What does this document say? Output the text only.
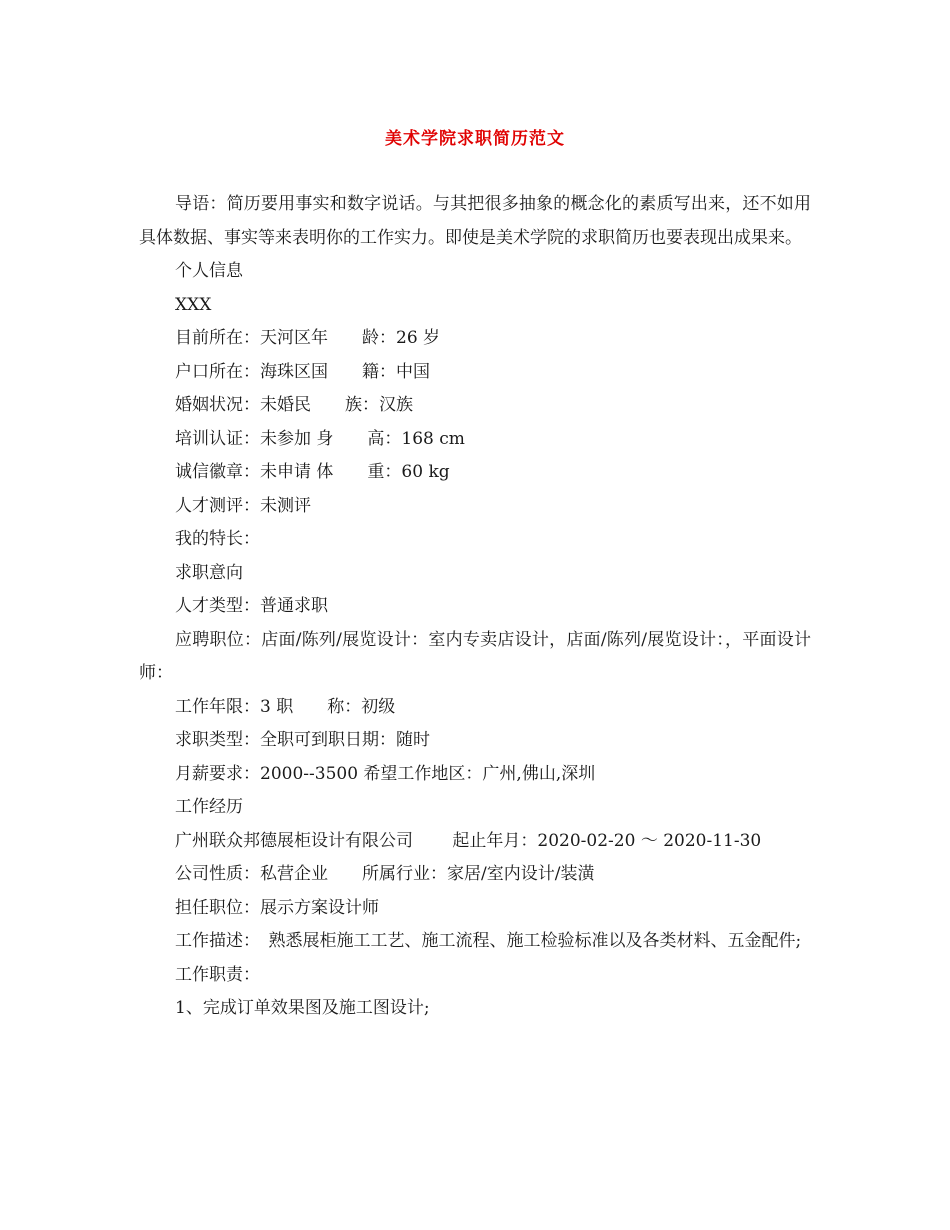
美术学院求职简历范文

导语：简历要用事实和数字说话。与其把很多抽象的概念化的素质写出来，还不如用具体数据、事实等来表明你的工作实力。即使是美术学院的求职简历也要表现出成果来。

个人信息

XXX

目前所在：天河区年　　龄：26 岁

户口所在：海珠区国　　籍：中国

婚姻状况：未婚民　　族：汉族

培训认证：未参加 身　　高：168 cm

诚信徽章：未申请 体　　重：60 kg

人才测评：未测评

我的特长：

求职意向

人才类型：普通求职

应聘职位：店面/陈列/展览设计：室内专卖店设计，店面/陈列/展览设计：，平面设计师：

工作年限：3 职　　称：初级

求职类型：全职可到职日期：随时

月薪要求：2000--3500 希望工作地区：广州,佛山,深圳

工作经历

广州联众邦德展柜设计有限公司　　 起止年月：2020-02-20 ～ 2020-11-30

公司性质：私营企业　　所属行业：家居/室内设计/装潢

担任职位：展示方案设计师

工作描述：　熟悉展柜施工工艺、施工流程、施工检验标准以及各类材料、五金配件;

工作职责：

1、完成订单效果图及施工图设计;
